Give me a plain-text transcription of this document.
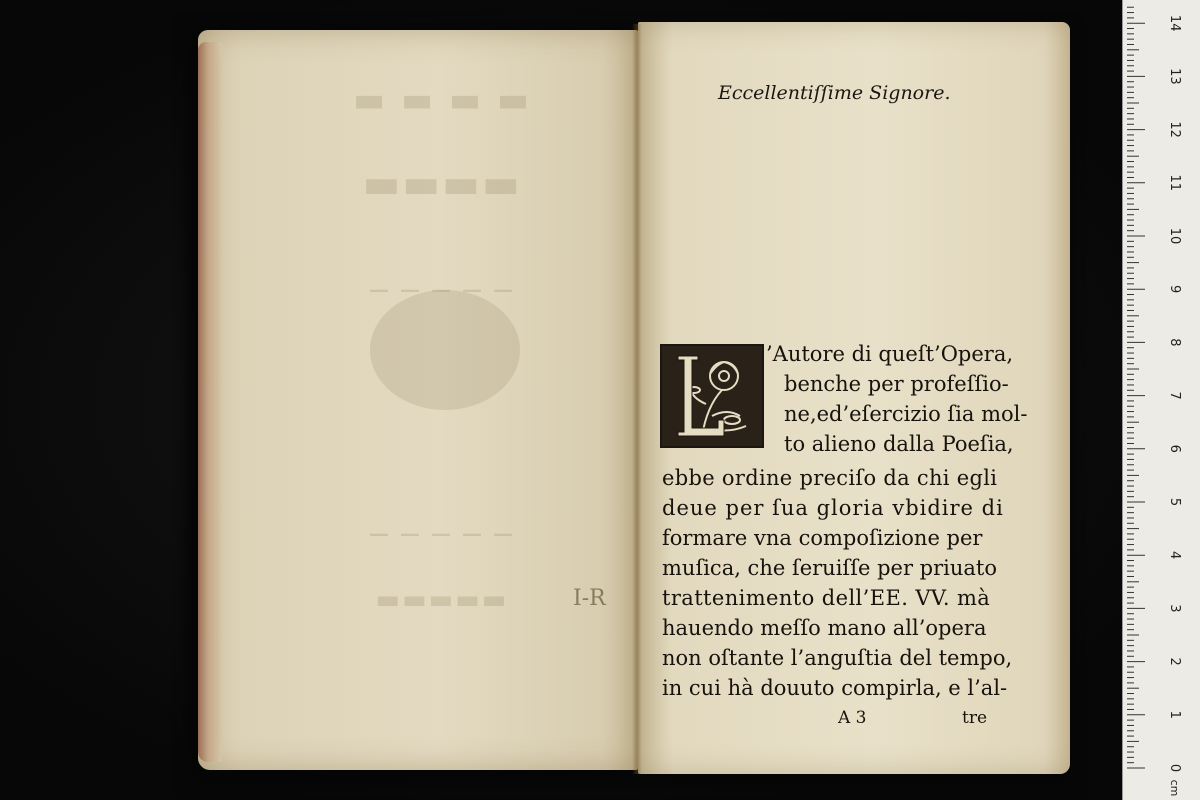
▬ ▬ ▬ ▬
▬▬▬▬
— — — — —
— — — — —
▬▬▬▬▬	I-R
Eccellentiſſime Signore.
’Autore di queſt’Opera,
benche per profeſſio-
ne,ed’eſercizio ſia mol-
to alieno dalla Poeſia,
ebbe ordine preciſo da chi egli
deue per ſua gloria vbidire di
formare vna compoſizione per
muſica, che ſeruiſſe per priuato
trattenimento dell’EE. VV. mà
hauendo meſſo mano all’opera
non oſtante l’anguſtia del tempo,
in cui hà douuto compirla, e l’al-
A 3	tre
0
1
2
3
4
5
6
7
8
9
10
11
12
13
14
cm
